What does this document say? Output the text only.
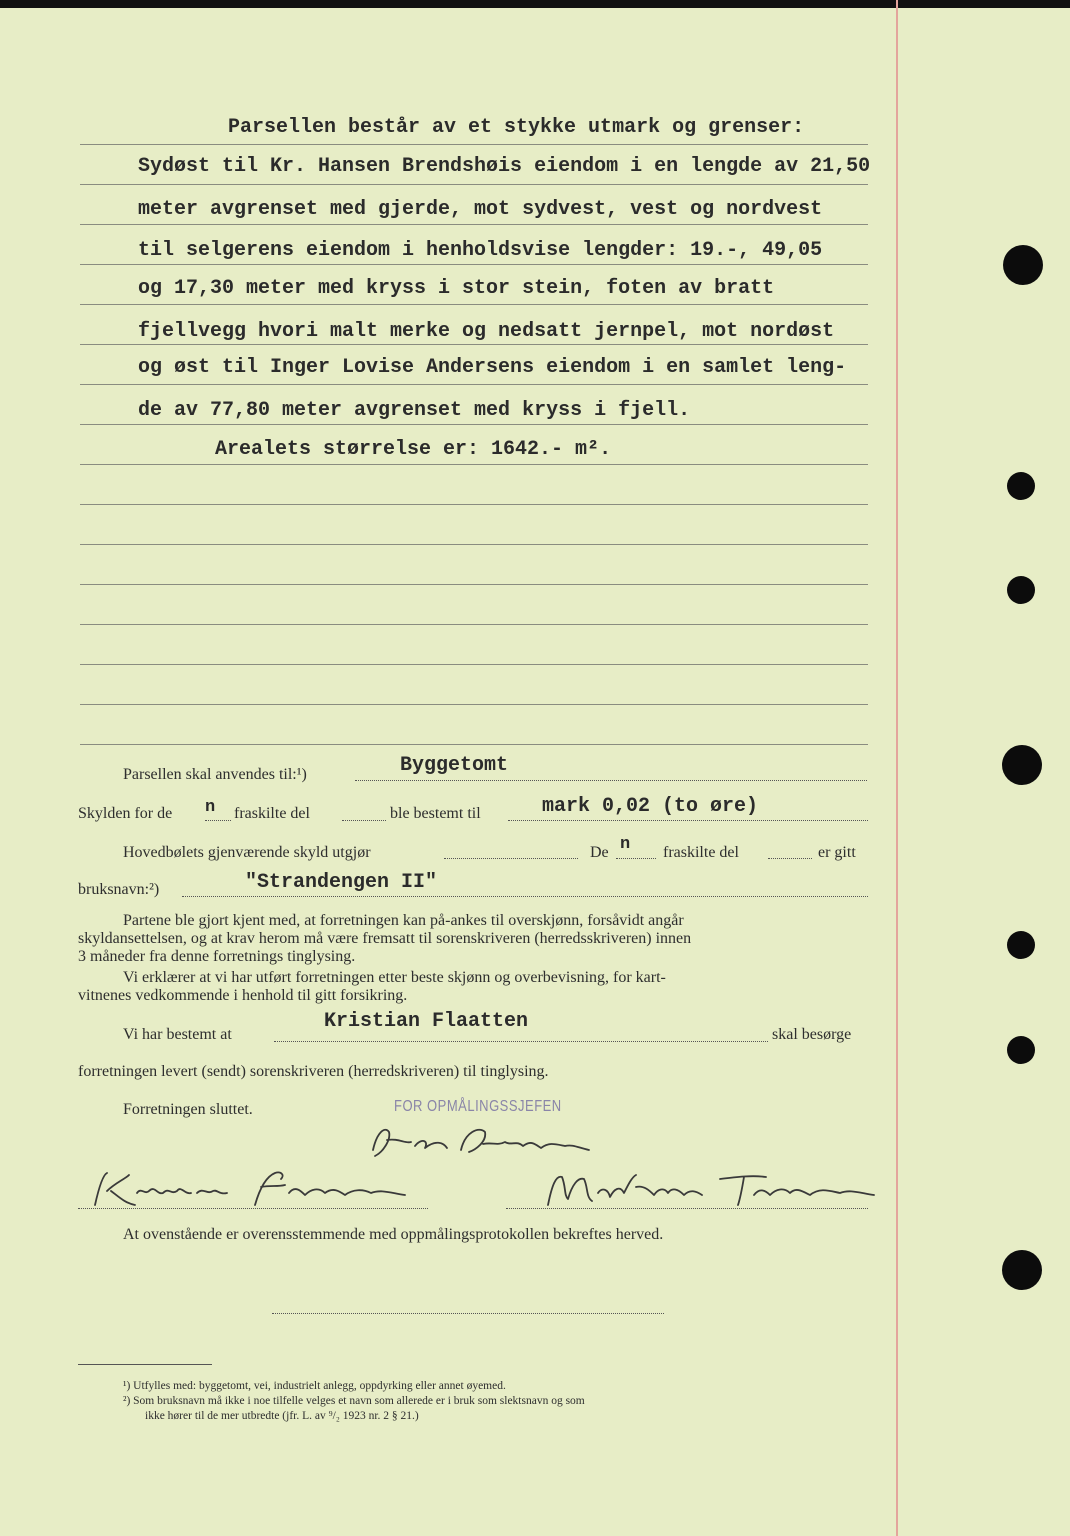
Parsellen består av et stykke utmark og grenser:
Sydøst til Kr. Hansen Brendshøis eiendom i en lengde av 21,50
meter avgrenset med gjerde, mot sydvest, vest og nordvest
til selgerens eiendom i henholdsvise lengder: 19.-, 49,05
og 17,30 meter med kryss i stor stein, foten av bratt
fjellvegg hvori malt merke og nedsatt jernpel, mot nordøst
og øst til Inger Lovise Andersens eiendom i en samlet leng-
de av 77,80 meter avgrenset med kryss i fjell.
Arealets størrelse er: 1642.- m².
Parsellen skal anvendes til:¹)	Byggetomt
Skylden for de n fraskilte del	ble bestemt til	mark 0,02 (to øre)
Hovedbølets gjenværende skyld utgjør	De n fraskilte del	er gitt
bruksnavn:²)	"Strandengen II"
Partene ble gjort kjent med, at forretningen kan på-ankes til overskjønn, forsåvidt angår
skyldansettelsen, og at krav herom må være fremsatt til sorenskriveren (herredsskriveren) innen
3 måneder fra denne forretnings tinglysing.
Vi erklærer at vi har utført forretningen etter beste skjønn og overbevisning, for kart-
vitnenes vedkommende i henhold til gitt forsikring.
Vi har bestemt at
Kristian Flaatten
skal besørge
forretningen levert (sendt) sorenskriveren (herredskriveren) til tinglysing.
Forretningen sluttet.	FOR OPMÅLINGSSJEFEN
At ovenstående er overensstemmende med oppmålingsprotokollen bekreftes herved.
¹) Utfylles med: byggetomt, vei, industrielt anlegg, oppdyrking eller annet øyemed.
²) Som bruksnavn må ikke i noe tilfelle velges et navn som allerede er i bruk som slektsnavn og som
ikke hører til de mer utbredte (jfr. L. av ⁹/₂ 1923 nr. 2 § 21.)
